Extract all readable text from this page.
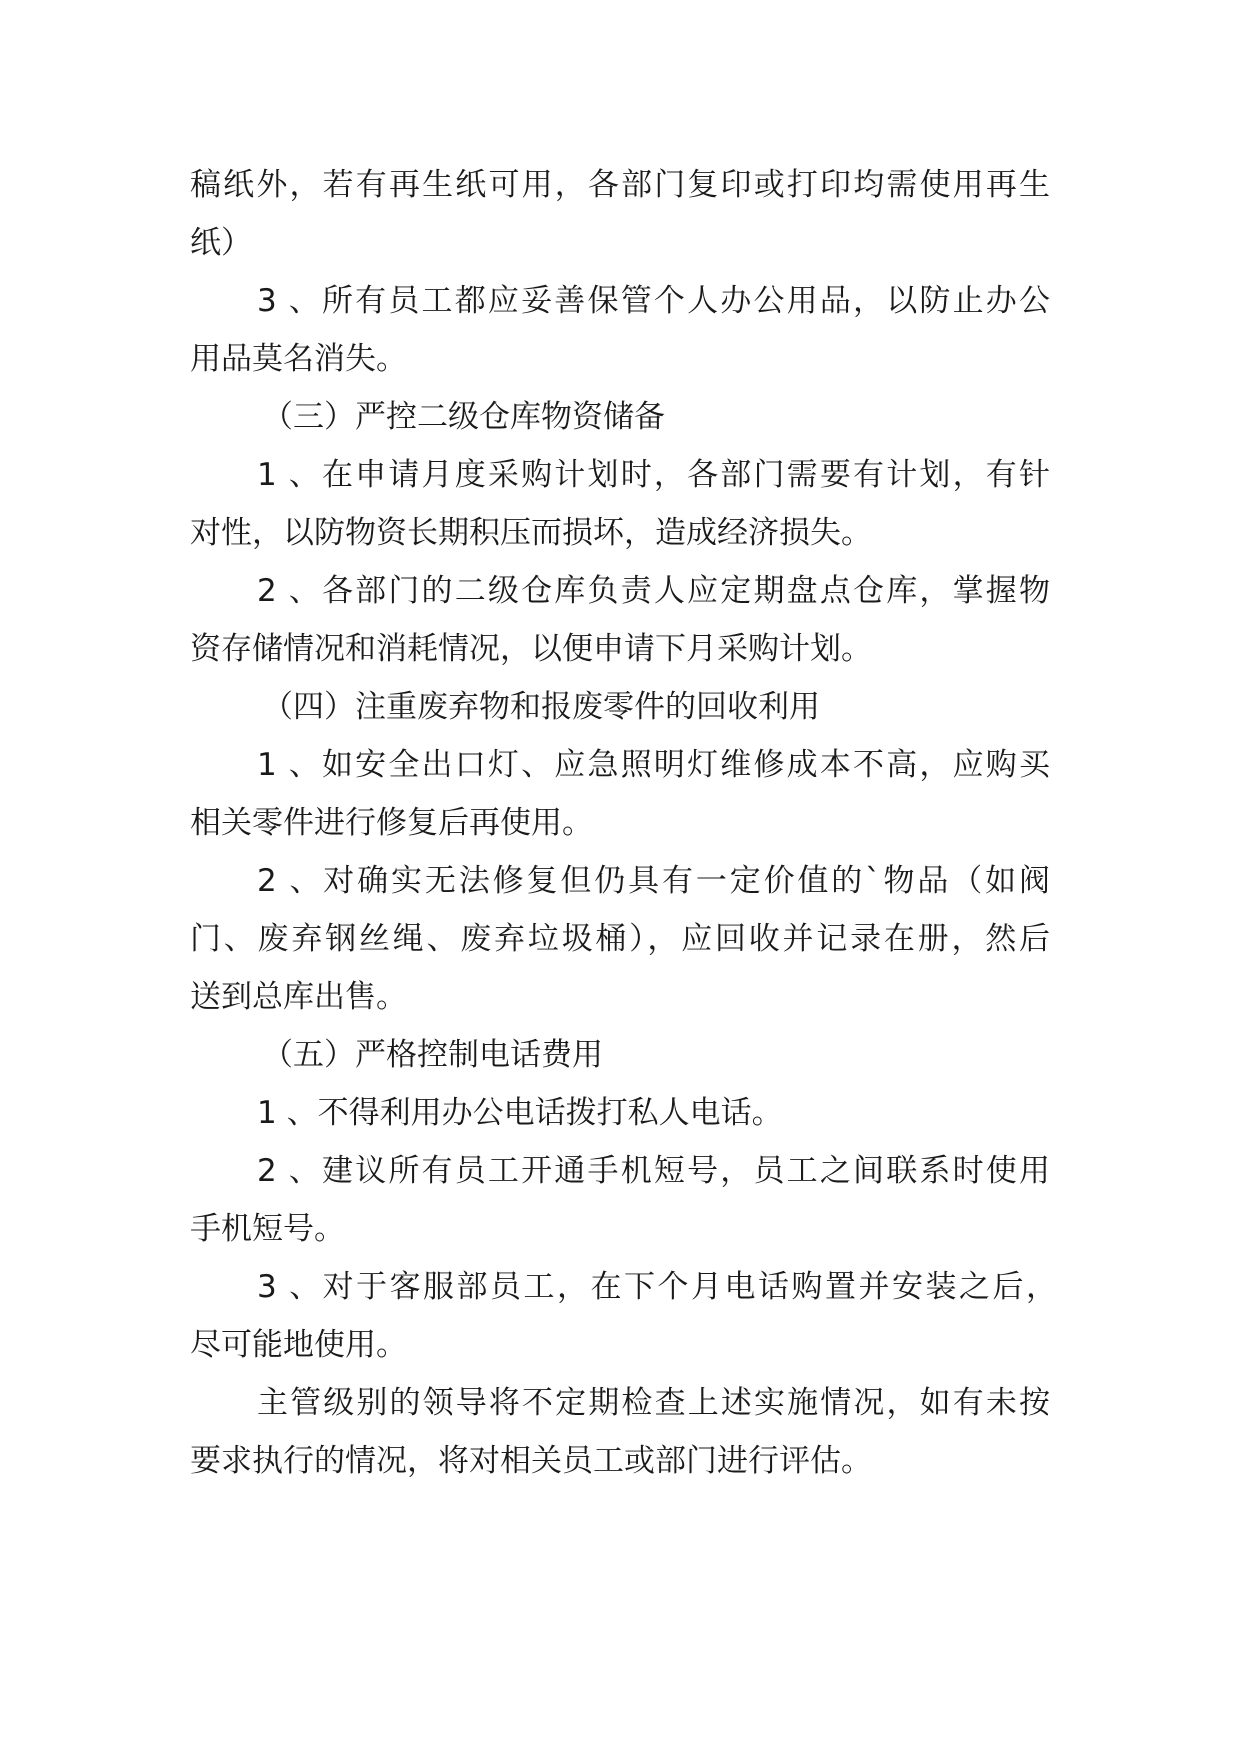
稿纸外，若有再生纸可用，各部门复印或打印均需使用再生
纸）
3 、所有员工都应妥善保管个人办公用品，以防止办公
用品莫名消失。
（三）严控二级仓库物资储备
1 、在申请月度采购计划时，各部门需要有计划，有针
对性，以防物资长期积压而损坏，造成经济损失。
2 、各部门的二级仓库负责人应定期盘点仓库，掌握物
资存储情况和消耗情况，以便申请下月采购计划。
（四）注重废弃物和报废零件的回收利用
1 、如安全出口灯、应急照明灯维修成本不高，应购买
相关零件进行修复后再使用。
2 、对确实无法修复但仍具有一定价值的`物品（如阀
门、废弃钢丝绳、废弃垃圾桶），应回收并记录在册，然后
送到总库出售。
（五）严格控制电话费用
1 、不得利用办公电话拨打私人电话。
2 、建议所有员工开通手机短号，员工之间联系时使用
手机短号。
3 、对于客服部员工，在下个月电话购置并安装之后，
尽可能地使用。
主管级别的领导将不定期检查上述实施情况，如有未按
要求执行的情况，将对相关员工或部门进行评估。
